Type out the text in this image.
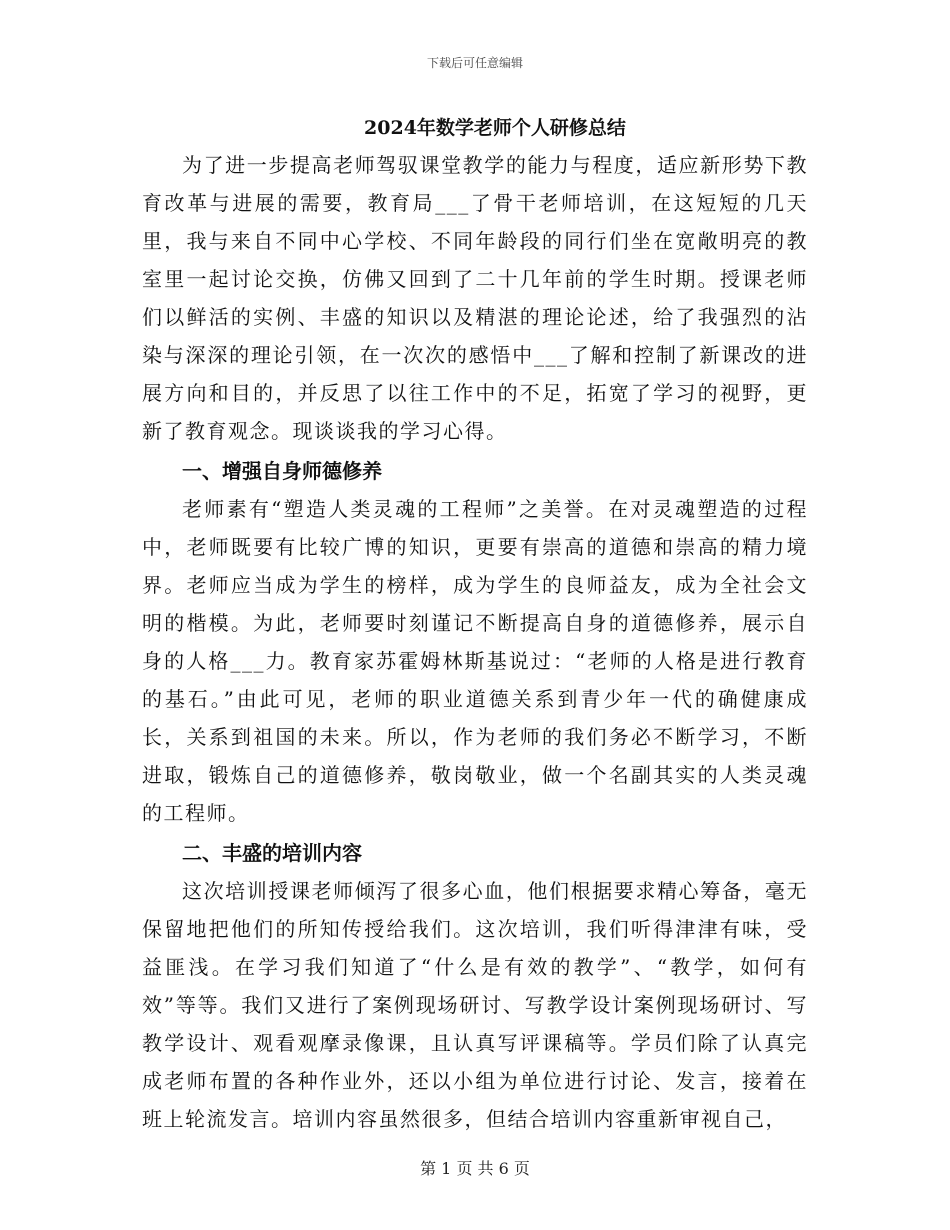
下载后可任意编辑
2024年数学老师个人研修总结

为了进一步提高老师驾驭课堂教学的能力与程度，适应新形势下教育改革与进展的需要，教育局___了骨干老师培训，在这短短的几天里，我与来自不同中心学校、不同年龄段的同行们坐在宽敞明亮的教室里一起讨论交换，仿佛又回到了二十几年前的学生时期。授课老师们以鲜活的实例、丰盛的知识以及精湛的理论论述，给了我强烈的沾染与深深的理论引领，在一次次的感悟中___了解和控制了新课改的进展方向和目的，并反思了以往工作中的不足，拓宽了学习的视野，更新了教育观念。现谈谈我的学习心得。

一、增强自身师德修养

老师素有“塑造人类灵魂的工程师”之美誉。在对灵魂塑造的过程中，老师既要有比较广博的知识，更要有崇高的道德和崇高的精力境界。老师应当成为学生的榜样，成为学生的良师益友，成为全社会文明的楷模。为此，老师要时刻谨记不断提高自身的道德修养，展示自身的人格___力。教育家苏霍姆林斯基说过：“老师的人格是进行教育的基石。”由此可见，老师的职业道德关系到青少年一代的确健康成长，关系到祖国的未来。所以，作为老师的我们务必不断学习，不断进取，锻炼自己的道德修养，敬岗敬业，做一个名副其实的人类灵魂的工程师。

二、丰盛的培训内容

这次培训授课老师倾泻了很多心血，他们根据要求精心筹备，毫无保留地把他们的所知传授给我们。这次培训，我们听得津津有味，受益匪浅。在学习我们知道了“什么是有效的教学”、“教学，如何有效”等等。我们又进行了案例现场研讨、写教学设计案例现场研讨、写教学设计、观看观摩录像课，且认真写评课稿等。学员们除了认真完成老师布置的各种作业外，还以小组为单位进行讨论、发言，接着在班上轮流发言。培训内容虽然很多，但结合培训内容重新审视自己，

第 1 页 共 6 页
